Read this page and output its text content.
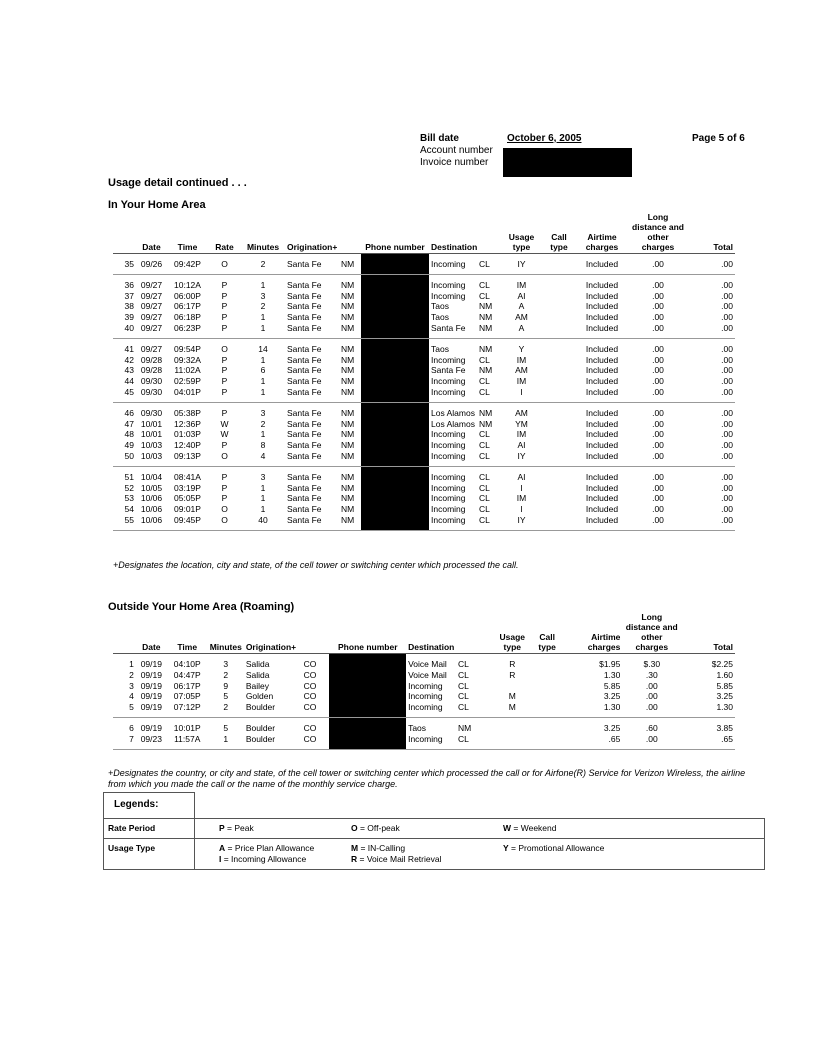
Bill date	October 6, 2005
Account number
Invoice number
Page 5 of 6
Usage detail continued . . .
In Your Home Area
	Date	Time	Rate	Minutes	Origination+		Phone number	Destination		Usage type	Call type	Airtime charges	Long distance and other charges	Total
35	09/26	09:42P	O	2	Santa Fe	NM		Incoming	CL	IY		Included	.00	.00
36	09/27	10:12A	P	1	Santa Fe	NM		Incoming	CL	IM		Included	.00	.00
37	09/27	06:00P	P	3	Santa Fe	NM		Incoming	CL	AI		Included	.00	.00
38	09/27	06:17P	P	2	Santa Fe	NM		Taos	NM	A		Included	.00	.00
39	09/27	06:18P	P	1	Santa Fe	NM		Taos	NM	AM		Included	.00	.00
40	09/27	06:23P	P	1	Santa Fe	NM		Santa Fe	NM	A		Included	.00	.00
41	09/27	09:54P	O	14	Santa Fe	NM		Taos	NM	Y		Included	.00	.00
42	09/28	09:32A	P	1	Santa Fe	NM		Incoming	CL	IM		Included	.00	.00
43	09/28	11:02A	P	6	Santa Fe	NM		Santa Fe	NM	AM		Included	.00	.00
44	09/30	02:59P	P	1	Santa Fe	NM		Incoming	CL	IM		Included	.00	.00
45	09/30	04:01P	P	1	Santa Fe	NM		Incoming	CL	I		Included	.00	.00
46	09/30	05:38P	P	3	Santa Fe	NM		Los Alamos	NM	AM		Included	.00	.00
47	10/01	12:36P	W	2	Santa Fe	NM		Los Alamos	NM	YM		Included	.00	.00
48	10/01	01:03P	W	1	Santa Fe	NM		Incoming	CL	IM		Included	.00	.00
49	10/03	12:40P	P	8	Santa Fe	NM		Incoming	CL	AI		Included	.00	.00
50	10/03	09:13P	O	4	Santa Fe	NM		Incoming	CL	IY		Included	.00	.00
51	10/04	08:41A	P	3	Santa Fe	NM		Incoming	CL	AI		Included	.00	.00
52	10/05	03:19P	P	1	Santa Fe	NM		Incoming	CL	I		Included	.00	.00
53	10/06	05:05P	P	1	Santa Fe	NM		Incoming	CL	IM		Included	.00	.00
54	10/06	09:01P	O	1	Santa Fe	NM		Incoming	CL	I		Included	.00	.00
55	10/06	09:45P	O	40	Santa Fe	NM		Incoming	CL	IY		Included	.00	.00
+Designates the location, city and state, of the cell tower or switching center which processed the call.
Outside Your Home Area (Roaming)
	Date	Time	Minutes	Origination+		Phone number	Destination		Usage type	Call type	Airtime charges	Long distance and other charges	Total
1	09/19	04:10P	3	Salida	CO		Voice Mail	CL	R		$1.95	$.30	$2.25
2	09/19	04:47P	2	Salida	CO		Voice Mail	CL	R		1.30	.30	1.60
3	09/19	06:17P	9	Bailey	CO		Incoming	CL			5.85	.00	5.85
4	09/19	07:05P	5	Golden	CO		Incoming	CL	M		3.25	.00	3.25
5	09/19	07:12P	2	Boulder	CO		Incoming	CL	M		1.30	.00	1.30
6	09/19	10:01P	5	Boulder	CO		Taos	NM			3.25	.60	3.85
7	09/23	11:57A	1	Boulder	CO		Incoming	CL			.65	.00	.65
+Designates the country, or city and state, of the cell tower or switching center which processed the call or for Airfone(R) Service for Verizon Wireless, the airline from which you made the call or the name of the monthly service charge.
Legends:	
Rate Period	P = Peak O = Off-peak W = Weekend

Usage Type	A = Price Plan Allowance
I = Incoming Allowance
M = IN-Calling
R = Voice Mail Retrieval
Y = Promotional Allowance
